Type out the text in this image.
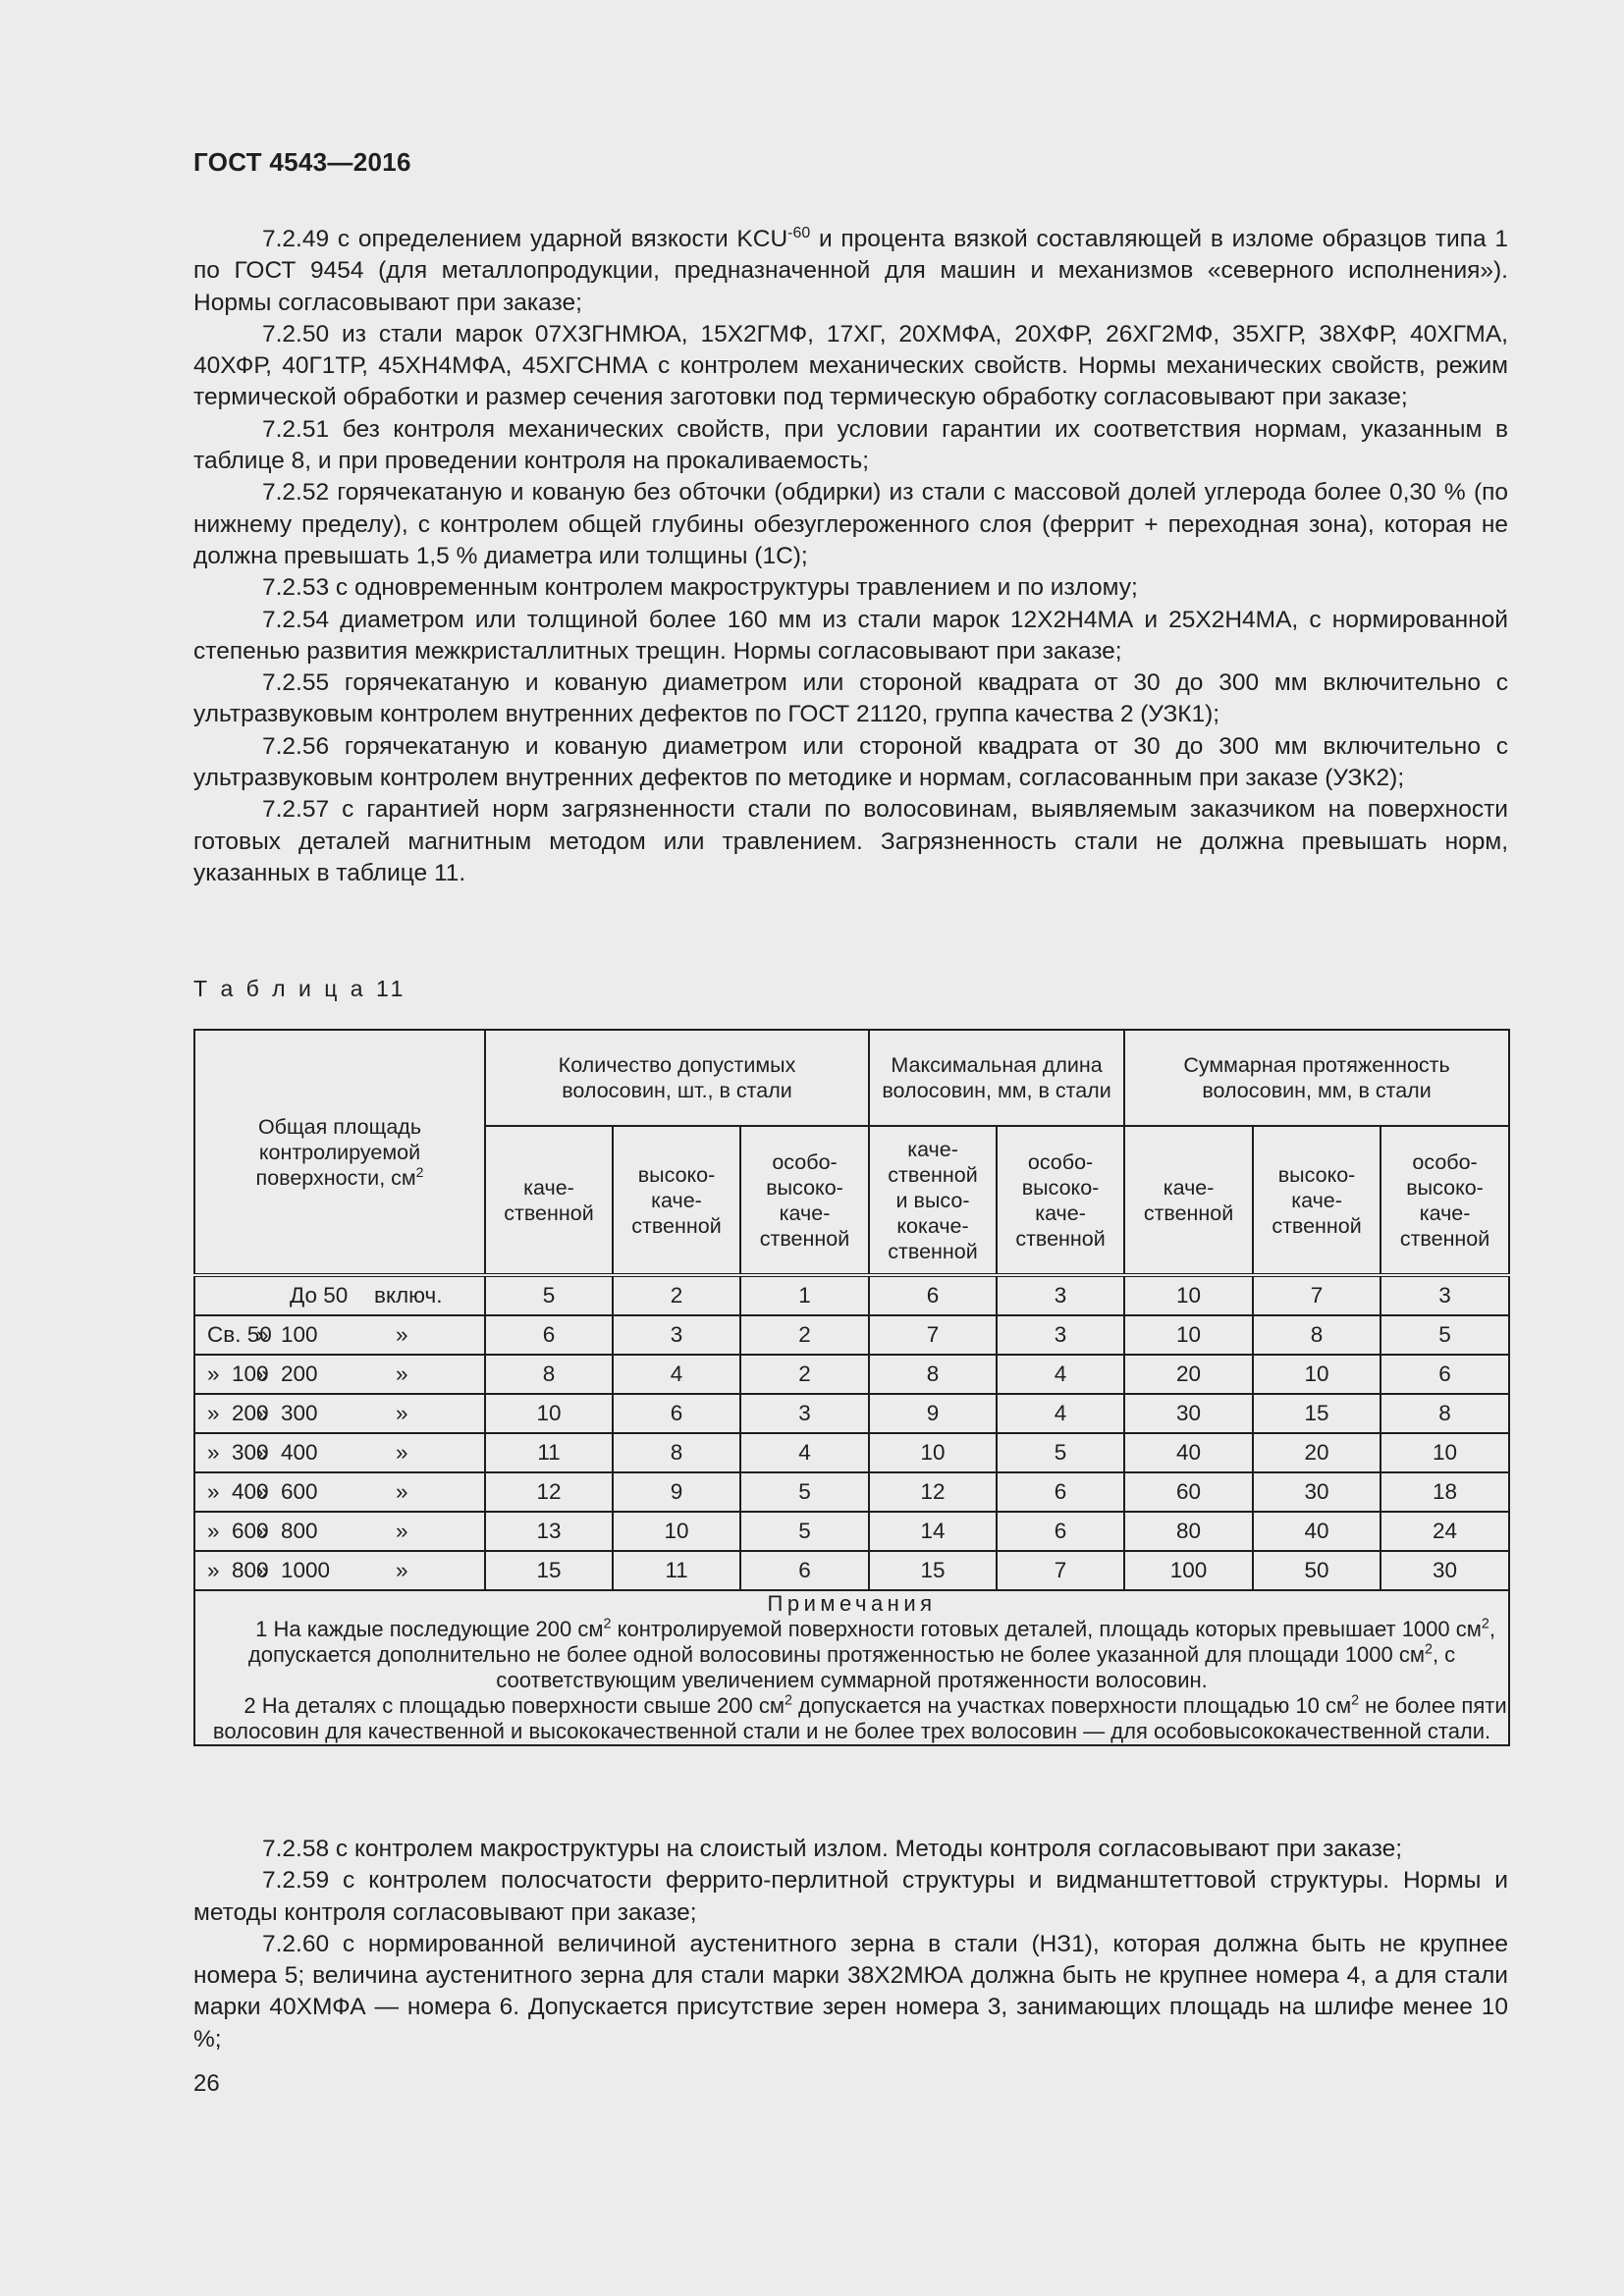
ГОСТ 4543—2016

7.2.49 с определением ударной вязкости $KCU^{-60}$ и процента вязкой составляющей в изломе образцов типа 1 по ГОСТ 9454 (для металлопродукции, предназначенной для машин и механизмов «северного исполнения»). Нормы согласовывают при заказе;

7.2.50 из стали марок 07Х3ГНМЮА, 15Х2ГМФ, 17ХГ, 20ХМФА, 20ХФР, 26ХГ2МФ, 35ХГР, 38ХФР, 40ХГМА, 40ХФР, 40Г1ТР, 45ХН4МФА, 45ХГСНМА с контролем механических свойств. Нормы механических свойств, режим термической обработки и размер сечения заготовки под термическую обработку согласовывают при заказе;

7.2.51 без контроля механических свойств, при условии гарантии их соответствия нормам, указанным в таблице 8, и при проведении контроля на прокаливаемость;

7.2.52 горячекатаную и кованую без обточки (обдирки) из стали с массовой долей углерода более 0,30 % (по нижнему пределу), с контролем общей глубины обезуглероженного слоя (феррит + переходная зона), которая не должна превышать 1,5 % диаметра или толщины (1С);

7.2.53 с одновременным контролем макроструктуры травлением и по излому;

7.2.54 диаметром или толщиной более 160 мм из стали марок 12Х2Н4МА и 25Х2Н4МА, с нормированной степенью развития межкристаллитных трещин. Нормы согласовывают при заказе;

7.2.55 горячекатаную и кованую диаметром или стороной квадрата от 30 до 300 мм включительно с ультразвуковым контролем внутренних дефектов по ГОСТ 21120, группа качества 2 (УЗК1);

7.2.56 горячекатаную и кованую диаметром или стороной квадрата от 30 до 300 мм включительно с ультразвуковым контролем внутренних дефектов по методике и нормам, согласованным при заказе (УЗК2);

7.2.57 с гарантией норм загрязненности стали по волосовинам, выявляемым заказчиком на поверхности готовых деталей магнитным методом или травлением. Загрязненность стали не должна превышать норм, указанных в таблице 11.

Т а б л и ц а 11
Общая площадь контролируемой поверхности, $см^2$	Количество допустимых волосовин, шт., в стали			Максимальная длина волосовин, мм, в стали		Суммарная протяженность волосовин, мм, в стали		
	каче-
ственной	высоко-
каче-
ственной	особо-
высоко-
каче-
ственной	каче-
ственной
и высо-
кокаче-
ственной	особо-
высоко-
каче-
ственной	каче-
ственной	высоко-
каче-
ственной	особо-
высоко-
каче-
ственной

До 50 включ.	5	2	1	6	3	10	7	3

Св. 50
»  100 »	6	3	2	7	3	10	8	5

»  100
»  200 »	8	4	2	8	4	20	10	6

»  200
»  300 »	10	6	3	9	4	30	15	8

»  300
»  400 »	11	8	4	10	5	40	20	10

»  400
»  600 »	12	9	5	12	6	60	30	18

»  600
»  800 »	13	10	5	14	6	80	40	24

»  800
»  1000 »	15	11	6	15	7	100	50	30

Примечания

1 На каждые последующие 200 $см^2$ контролируемой поверхности готовых деталей, площадь которых превышает 1000 $см^2$, допускается дополнительно не более одной волосовины протяженностью не более указанной для площади 1000 $см^2$, с соответствующим увеличением суммарной протяженности волосовин.

2 На деталях с площадью поверхности свыше 200 $см^2$ допускается на участках поверхности площадью 10 $см^2$ не более пяти волосовин для качественной и высококачественной стали и не более трех волосовин — для особовысококачественной стали.								

7.2.58 с контролем макроструктуры на слоистый излом. Методы контроля согласовывают при заказе;

7.2.59 с контролем полосчатости феррито-перлитной структуры и видманштеттовой структуры. Нормы и методы контроля согласовывают при заказе;

7.2.60 с нормированной величиной аустенитного зерна в стали (НЗ1), которая должна быть не крупнее номера 5; величина аустенитного зерна для стали марки 38Х2МЮА должна быть не крупнее номера 4, а для стали марки 40ХМФА — номера 6. Допускается присутствие зерен номера 3, занимающих площадь на шлифе менее 10 %;

26
